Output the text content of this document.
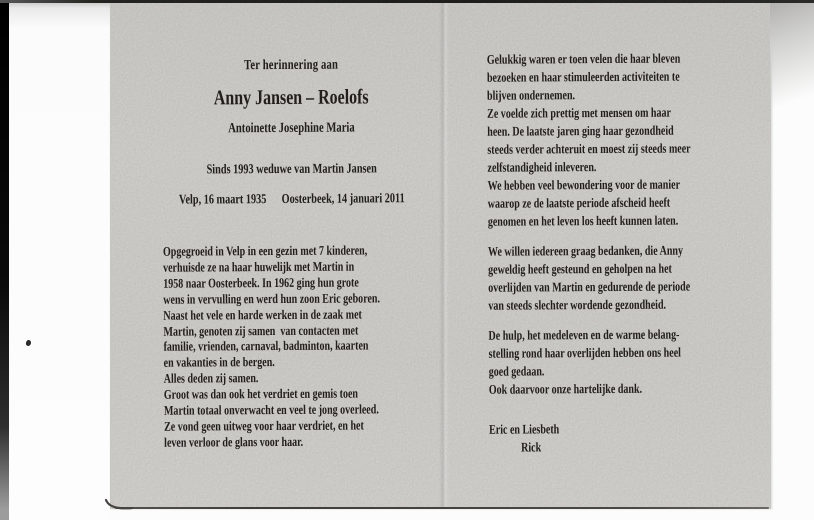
Ter herinnering aan
Anny Jansen – Roelofs
Antoinette Josephine Maria
Sinds 1993 weduwe van Martin Jansen
Velp, 16 maart 1935 Oosterbeek, 14 januari 2011
Opgegroeid in Velp in een gezin met 7 kinderen,
verhuisde ze na haar huwelijk met Martin in
1958 naar Oosterbeek. In 1962 ging hun grote
wens in vervulling en werd hun zoon Eric geboren.
Naast het vele en harde werken in de zaak met
Martin, genoten zij samen  van contacten met
familie, vrienden, carnaval, badminton, kaarten
en vakanties in de bergen.
Alles deden zij samen.
Groot was dan ook het verdriet en gemis toen
Martin totaal onverwacht en veel te jong overleed.
Ze vond geen uitweg voor haar verdriet, en het
leven verloor de glans voor haar.

Gelukkig waren er toen velen die haar bleven
bezoeken en haar stimuleerden activiteiten te
blijven ondernemen.
Ze voelde zich prettig met mensen om haar
heen. De laatste jaren ging haar gezondheid
steeds verder achteruit en moest zij steeds meer
zelfstandigheid inleveren.
We hebben veel bewondering voor de manier
waarop ze de laatste periode afscheid heeft
genomen en het leven los heeft kunnen laten.

We willen iedereen graag bedanken, die Anny
geweldig heeft gesteund en geholpen na het
overlijden van Martin en gedurende de periode
van steeds slechter wordende gezondheid.

De hulp, het medeleven en de warme belang-
stelling rond haar overlijden hebben ons heel
goed gedaan.
Ook daarvoor onze hartelijke dank.

Eric en Liesbeth
Rick
